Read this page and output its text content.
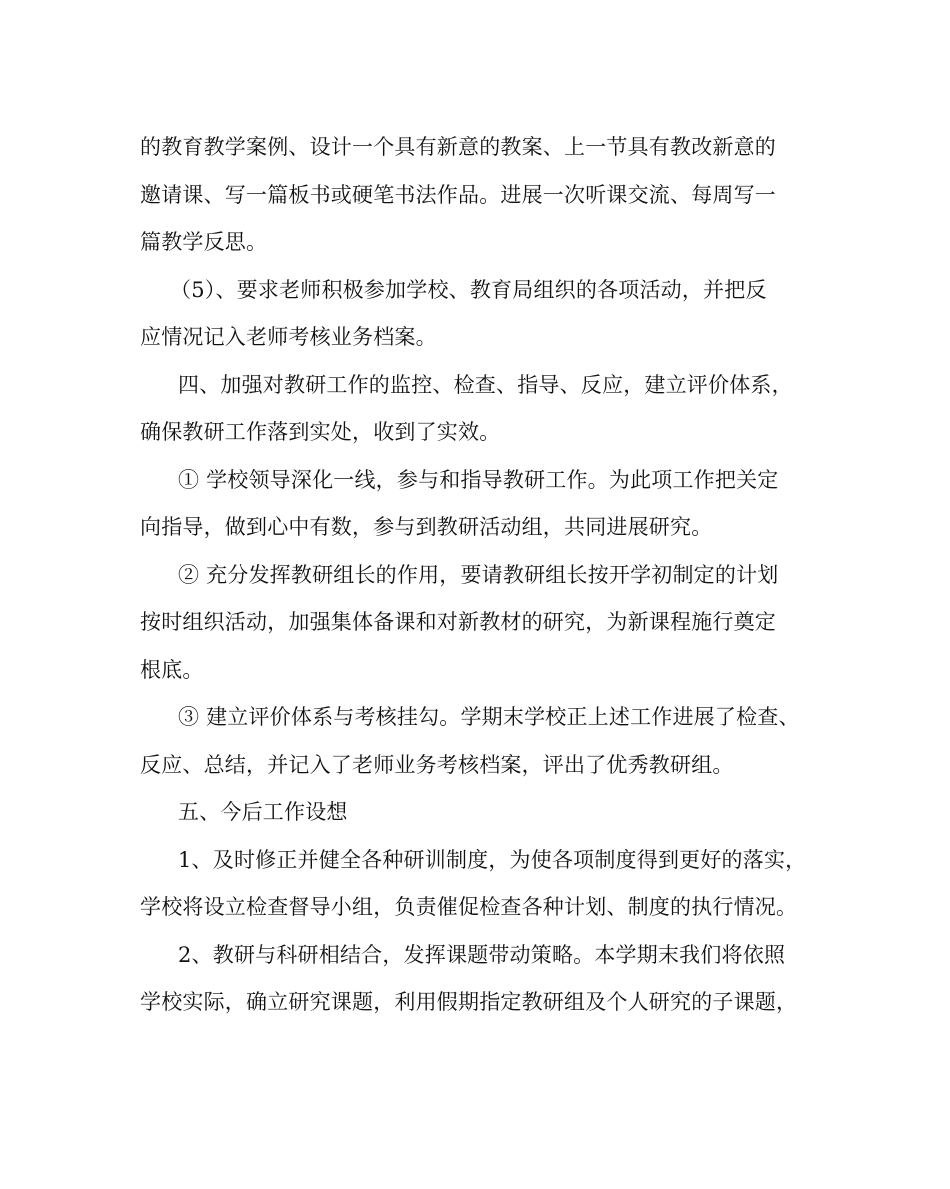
的教育教学案例、设计一个具有新意的教案、上一节具有教改新意的
邀请课、写一篇板书或硬笔书法作品。进展一次听课交流、每周写一
篇教学反思。
（5）、要求老师积极参加学校、教育局组织的各项活动，并把反
应情况记入老师考核业务档案。
四、加强对教研工作的监控、检查、指导、反应，建立评价体系，
确保教研工作落到实处，收到了实效。
① 学校领导深化一线，参与和指导教研工作。为此项工作把关定
向指导，做到心中有数，参与到教研活动组，共同进展研究。
② 充分发挥教研组长的作用，要请教研组长按开学初制定的计划
按时组织活动，加强集体备课和对新教材的研究，为新课程施行奠定
根底。
③ 建立评价体系与考核挂勾。学期末学校正上述工作进展了检查、
反应、总结，并记入了老师业务考核档案，评出了优秀教研组。
五、今后工作设想
1、及时修正并健全各种研训制度，为使各项制度得到更好的落实，
学校将设立检查督导小组，负责催促检查各种计划、制度的执行情况。
2、教研与科研相结合，发挥课题带动策略。本学期末我们将依照
学校实际，确立研究课题，利用假期指定教研组及个人研究的子课题，
